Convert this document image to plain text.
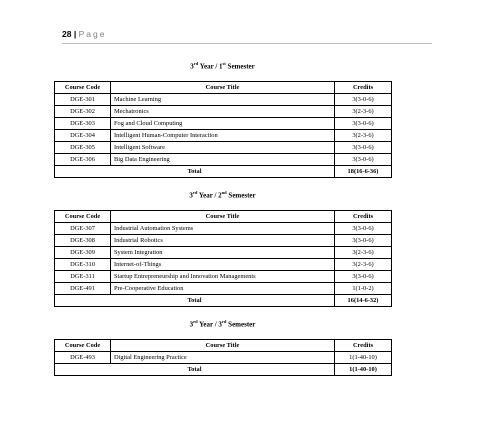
28 | Page
3rd Year / 1st Semester
Course Code	Course Title	Credits
DGE-301	Machine Learning	3(3-0-6)
DGE-302	Mechatronics	3(2-3-6)
DGE-303	Fog and Cloud Computing	3(3-0-6)
DGE-304	Intelligent Human-Computer Interaction	3(2-3-6)
DGE-305	Intelligent Software	3(3-0-6)
DGE-306	Big Data Engineering	3(3-0-6)
Total		18(16-6-36)
3rd Year / 2nd Semester
Course Code	Course Title	Credits
DGE-307	Industrial Automation Systems	3(3-0-6)
DGE-308	Industrial Robotics	3(3-0-6)
DGE-309	System Integration	3(2-3-6)
DGE-310	Internet-of-Things	3(2-3-6)
DGE-311	Startup Entrepreneurship and Innovation Managements	3(3-0-6)
DGE-491	Pre-Cooperative Education	1(1-0-2)
Total		16(14-6-32)
3rd Year / 3rd Semester
Course Code	Course Title	Credits
DGE-493	Digital Engineering Practice	1(1-40-10)
Total		1(1-40-10)
